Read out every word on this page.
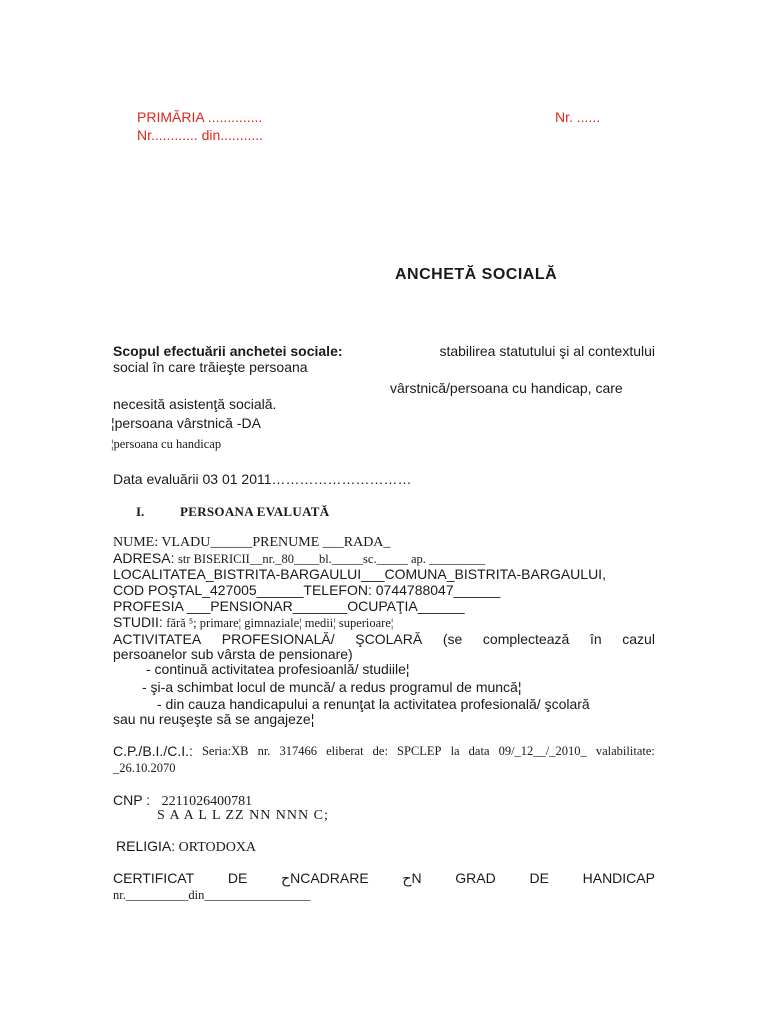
PRIMĂRIA ..............	Nr. ......
Nr............ din...........
ANCHETĂ SOCIALĂ
Scopul efectuării anchetei sociale:	stabilirea statutului şi al contextului
social în care trăieşte persoana
vârstnică/persoana cu handicap, care
necesită asistenţă socială.
¦persoana vârstnică -DA
¦persoana cu handicap
Data evaluării 03 01 2011…………………………
I.	PERSOANA EVALUATĂ
NUME: VLADU______PRENUME ___RADA_
ADRESA: str BISERICII__nr._80____bl._____sc._____ ap. _________
LOCALITATEA_BISTRITA-BARGAULUI___COMUNA_BISTRITA-BARGAULUI,
COD POŞTAL_427005______TELEFON: 0744788047______
PROFESIA ___PENSIONAR_______OCUPAŢIA______
STUDII: fără ⁵; primare¦ gimnaziale¦ medii¦ superioare¦
ACTIVITATEA PROFESIONALĂ/ ŞCOLARĂ (se complectează în cazul
persoanelor sub vârsta de pensionare)
- continuă activitatea profesioanlă/ studiile¦
- şi-a schimbat locul de muncă/ a redus programul de muncă¦
- din cauza handicapului a renunţat la activitatea profesională/ şcolară
sau nu reuşeşte să se angajeze¦
C.P./B.I./C.I.: Seria:XB nr. 317466 eliberat de: SPCLEP la data 09/_12__/_2010_ valabilitate:
_26.10.2070
CNP : 2211026400781
S A A L L ZZ NN NNN C;
RELIGIA: ORTODOXA
CERTIFICAT DE حNCADRARE حN GRAD DE HANDICAP
nr.__________din_________________
